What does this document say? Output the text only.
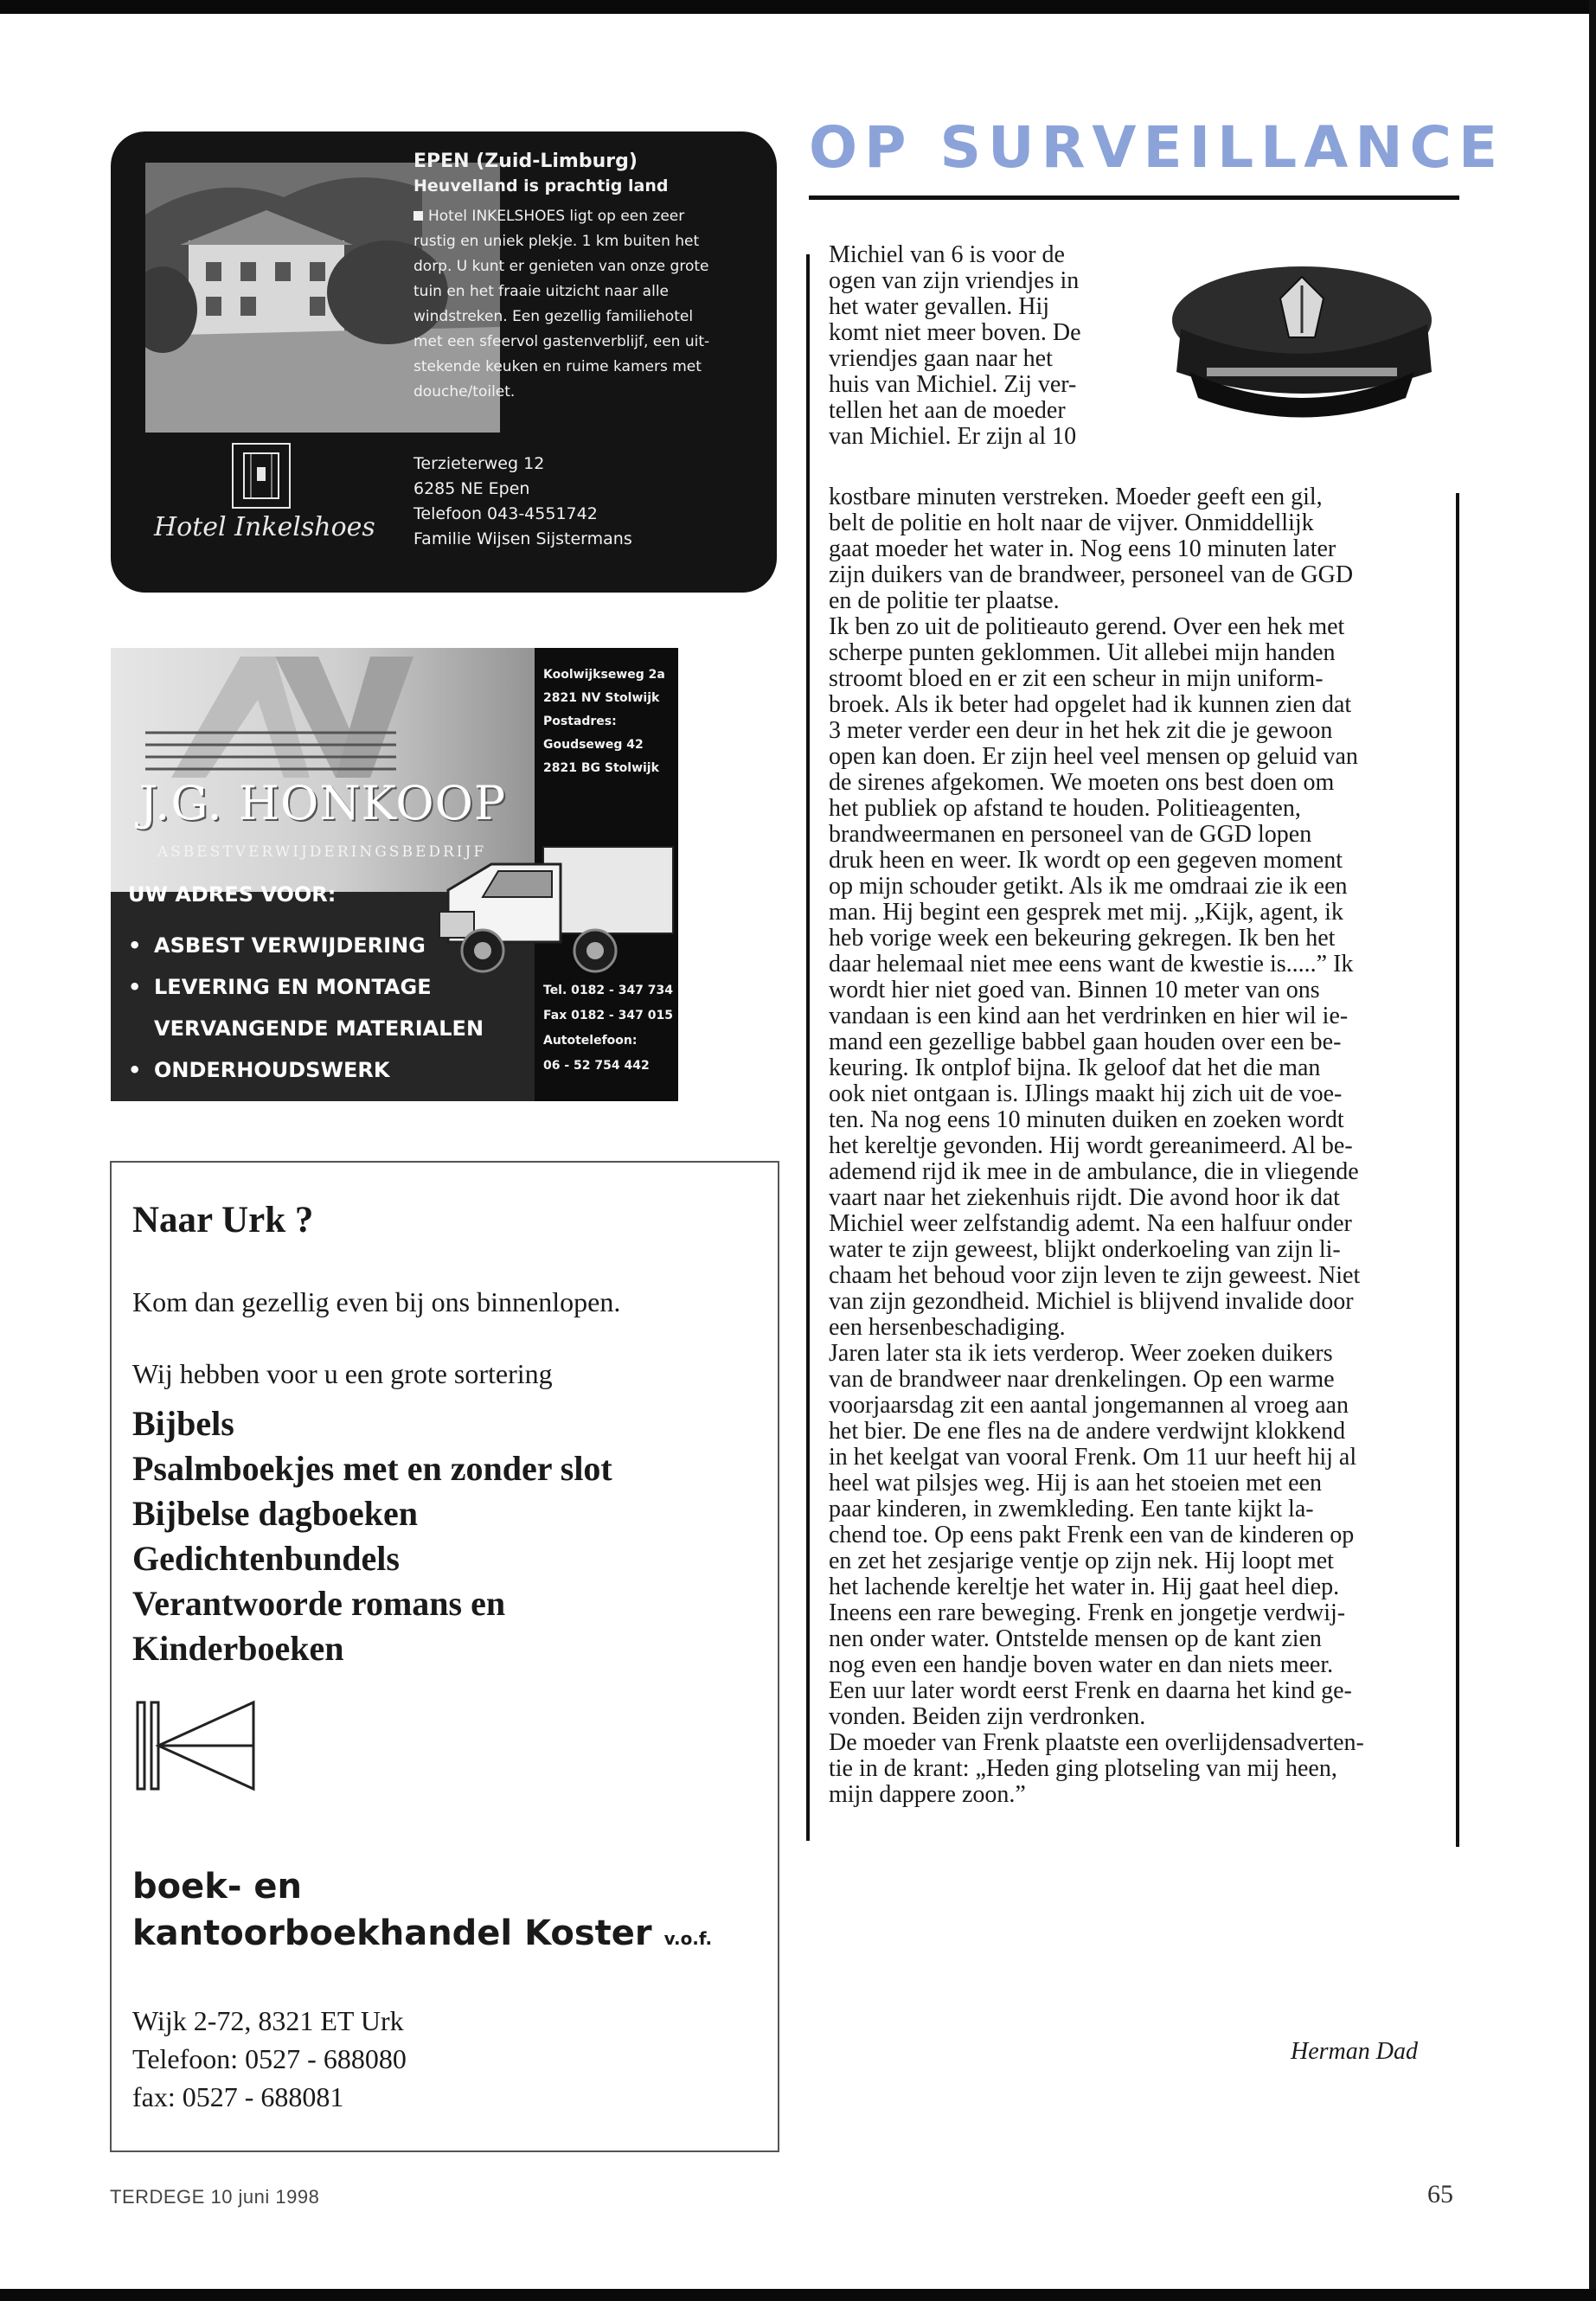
EPEN (Zuid-Limburg)
Heuvelland is prachtig land
Hotel INKELSHOES ligt op een zeer
rustig en uniek plekje. 1 km buiten het
dorp. U kunt er genieten van onze grote
tuin en het fraaie uitzicht naar alle
windstreken. Een gezellig familiehotel
met een sfeervol gastenverblijf, een uit-
stekende keuken en ruime kamers met
douche/toilet.
Hotel Inkelshoes
Terzieterweg 12
6285 NE Epen
Telefoon 043-4551742
Familie Wijsen Sijstermans
J.G. HONKOOP
ASBESTVERWIJDERINGSBEDRIJF
UW ADRES VOOR:
• ASBEST VERWIJDERING
• LEVERING EN MONTAGE
VERVANGENDE MATERIALEN
• ONDERHOUDSWERK
Koolwijkseweg 2a
2821 NV Stolwijk
Postadres:
Goudseweg 42
2821 BG Stolwijk
Tel. 0182 - 347 734
Fax 0182 - 347 015
Autotelefoon:
06 - 52 754 442
Naar Urk ?
Kom dan gezellig even bij ons binnenlopen.
Wij hebben voor u een grote sortering
Bijbels
Psalmboekjes met en zonder slot
Bijbelse dagboeken
Gedichtenbundels
Verantwoorde romans en
Kinderboeken
boek- en
kantoorboekhandel Koster v.o.f.
Wijk 2-72, 8321 ET Urk
Telefoon: 0527 - 688080
fax: 0527 - 688081
OP SURVEILLANCE
Michiel van 6 is voor de
ogen van zijn vriendjes in
het water gevallen. Hij
komt niet meer boven. De
vriendjes gaan naar het
huis van Michiel. Zij ver-
tellen het aan de moeder
van Michiel. Er zijn al 10
kostbare minuten verstreken. Moeder geeft een gil,
belt de politie en holt naar de vijver. Onmiddellijk
gaat moeder het water in. Nog eens 10 minuten later
zijn duikers van de brandweer, personeel van de GGD
en de politie ter plaatse.
Ik ben zo uit de politieauto gerend. Over een hek met
scherpe punten geklommen. Uit allebei mijn handen
stroomt bloed en er zit een scheur in mijn uniform-
broek. Als ik beter had opgelet had ik kunnen zien dat
3 meter verder een deur in het hek zit die je gewoon
open kan doen. Er zijn heel veel mensen op geluid van
de sirenes afgekomen. We moeten ons best doen om
het publiek op afstand te houden. Politieagenten,
brandweermanen en personeel van de GGD lopen
druk heen en weer. Ik wordt op een gegeven moment
op mijn schouder getikt. Als ik me omdraai zie ik een
man. Hij begint een gesprek met mij. „Kijk, agent, ik
heb vorige week een bekeuring gekregen. Ik ben het
daar helemaal niet mee eens want de kwestie is.....” Ik
wordt hier niet goed van. Binnen 10 meter van ons
vandaan is een kind aan het verdrinken en hier wil ie-
mand een gezellige babbel gaan houden over een be-
keuring. Ik ontplof bijna. Ik geloof dat het die man
ook niet ontgaan is. IJlings maakt hij zich uit de voe-
ten. Na nog eens 10 minuten duiken en zoeken wordt
het kereltje gevonden. Hij wordt gereanimeerd. Al be-
ademend rijd ik mee in de ambulance, die in vliegende
vaart naar het ziekenhuis rijdt. Die avond hoor ik dat
Michiel weer zelfstandig ademt. Na een halfuur onder
water te zijn geweest, blijkt onderkoeling van zijn li-
chaam het behoud voor zijn leven te zijn geweest. Niet
van zijn gezondheid. Michiel is blijvend invalide door
een hersenbeschadiging.
Jaren later sta ik iets verderop. Weer zoeken duikers
van de brandweer naar drenkelingen. Op een warme
voorjaarsdag zit een aantal jongemannen al vroeg aan
het bier. De ene fles na de andere verdwijnt klokkend
in het keelgat van vooral Frenk. Om 11 uur heeft hij al
heel wat pilsjes weg. Hij is aan het stoeien met een
paar kinderen, in zwemkleding. Een tante kijkt la-
chend toe. Op eens pakt Frenk een van de kinderen op
en zet het zesjarige ventje op zijn nek. Hij loopt met
het lachende kereltje het water in. Hij gaat heel diep.
Ineens een rare beweging. Frenk en jongetje verdwij-
nen onder water. Ontstelde mensen op de kant zien
nog even een handje boven water en dan niets meer.
Een uur later wordt eerst Frenk en daarna het kind ge-
vonden. Beiden zijn verdronken.
De moeder van Frenk plaatste een overlijdensadverten-
tie in de krant: „Heden ging plotseling van mij heen,
mijn dappere zoon.”
Herman Dad
TERDEGE 10 juni 1998	65
